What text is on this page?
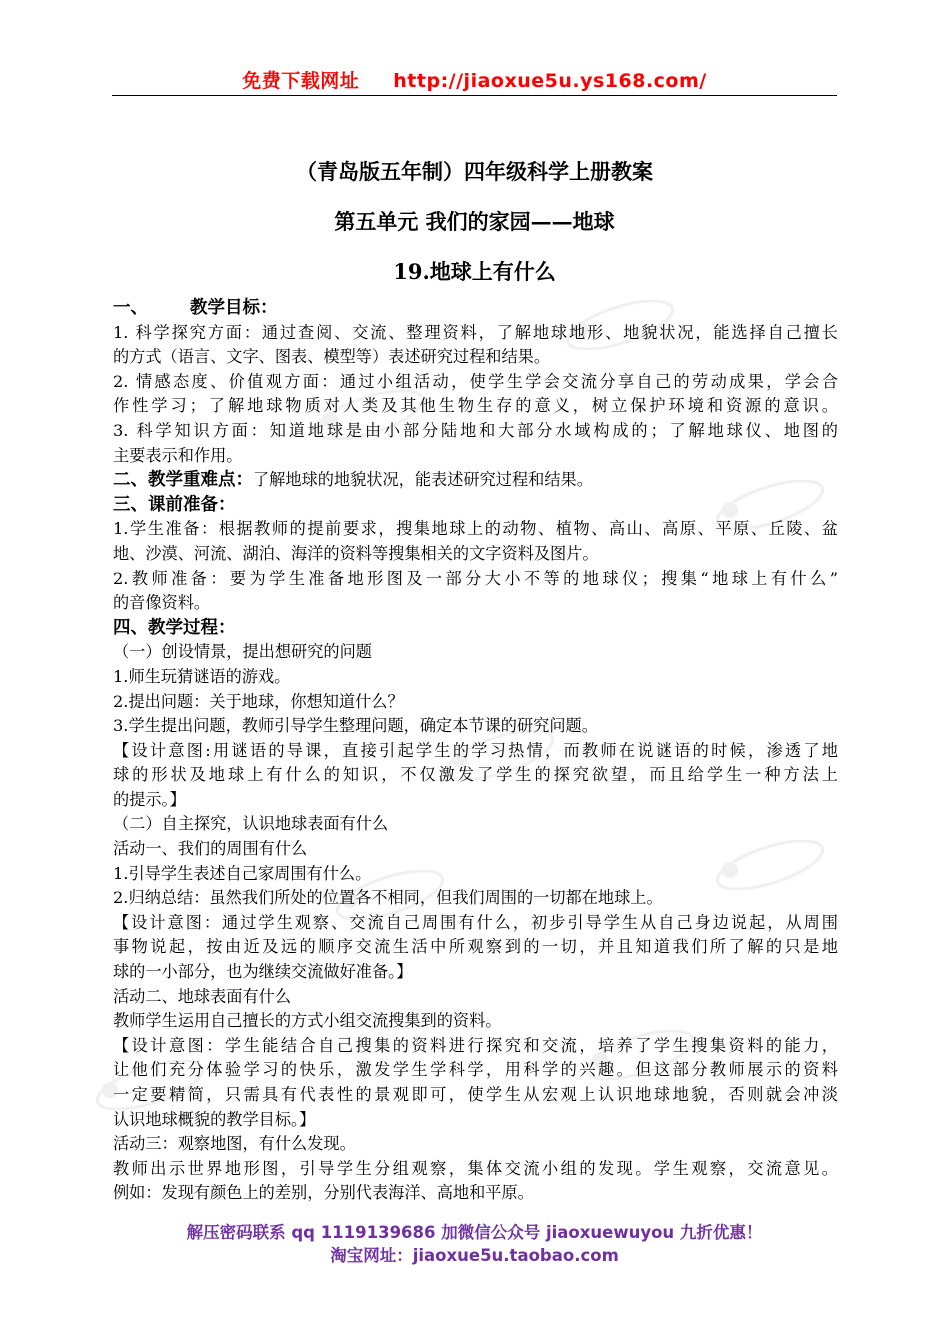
免费下载网址 http://jiaoxue5u.ys168.com/
（青岛版五年制）四年级科学上册教案
第五单元 我们的家园——地球
19.地球上有什么
一、 教学目标：
1. 科学探究方面：通过查阅、交流、整理资料，了解地球地形、地貌状况，能选择自己擅长
的方式（语言、文字、图表、模型等）表述研究过程和结果。
2. 情感态度、价值观方面：通过小组活动，使学生学会交流分享自己的劳动成果，学会合
作性学习；了解地球物质对人类及其他生物生存的意义，树立保护环境和资源的意识。
3. 科学知识方面：知道地球是由小部分陆地和大部分水域构成的；了解地球仪、地图的
主要表示和作用。
二、教学重难点：了解地球的地貌状况，能表述研究过程和结果。
三、课前准备：
1.学生准备：根据教师的提前要求，搜集地球上的动物、植物、高山、高原、平原、丘陵、盆
地、沙漠、河流、湖泊、海洋的资料等搜集相关的文字资料及图片。
2.教师准备：要为学生准备地形图及一部分大小不等的地球仪；搜集“地球上有什么”
的音像资料。
四、教学过程：
（一）创设情景，提出想研究的问题
1.师生玩猜谜语的游戏。
2.提出问题：关于地球，你想知道什么？
3.学生提出问题，教师引导学生整理问题，确定本节课的研究问题。
【设计意图:用谜语的导课，直接引起学生的学习热情，而教师在说谜语的时候，渗透了地
球的形状及地球上有什么的知识，不仅激发了学生的探究欲望，而且给学生一种方法上
的提示。】
（二）自主探究，认识地球表面有什么
活动一、我们的周围有什么
1.引导学生表述自己家周围有什么。
2.归纳总结：虽然我们所处的位置各不相同，但我们周围的一切都在地球上。
【设计意图：通过学生观察、交流自己周围有什么，初步引导学生从自己身边说起，从周围
事物说起，按由近及远的顺序交流生活中所观察到的一切，并且知道我们所了解的只是地
球的一小部分，也为继续交流做好准备。】
活动二、地球表面有什么
教师学生运用自己擅长的方式小组交流搜集到的资料。
【设计意图：学生能结合自己搜集的资料进行探究和交流，培养了学生搜集资料的能力，
让他们充分体验学习的快乐，激发学生学科学，用科学的兴趣。但这部分教师展示的资料
一定要精简，只需具有代表性的景观即可，使学生从宏观上认识地球地貌，否则就会冲淡
认识地球概貌的教学目标。】
活动三：观察地图，有什么发现。
教师出示世界地形图，引导学生分组观察，集体交流小组的发现。学生观察，交流意见。
例如：发现有颜色上的差别，分别代表海洋、高地和平原。
解压密码联系 qq 1119139686 加微信公众号 jiaoxuewuyou 九折优惠！
淘宝网址：jiaoxue5u.taobao.com
